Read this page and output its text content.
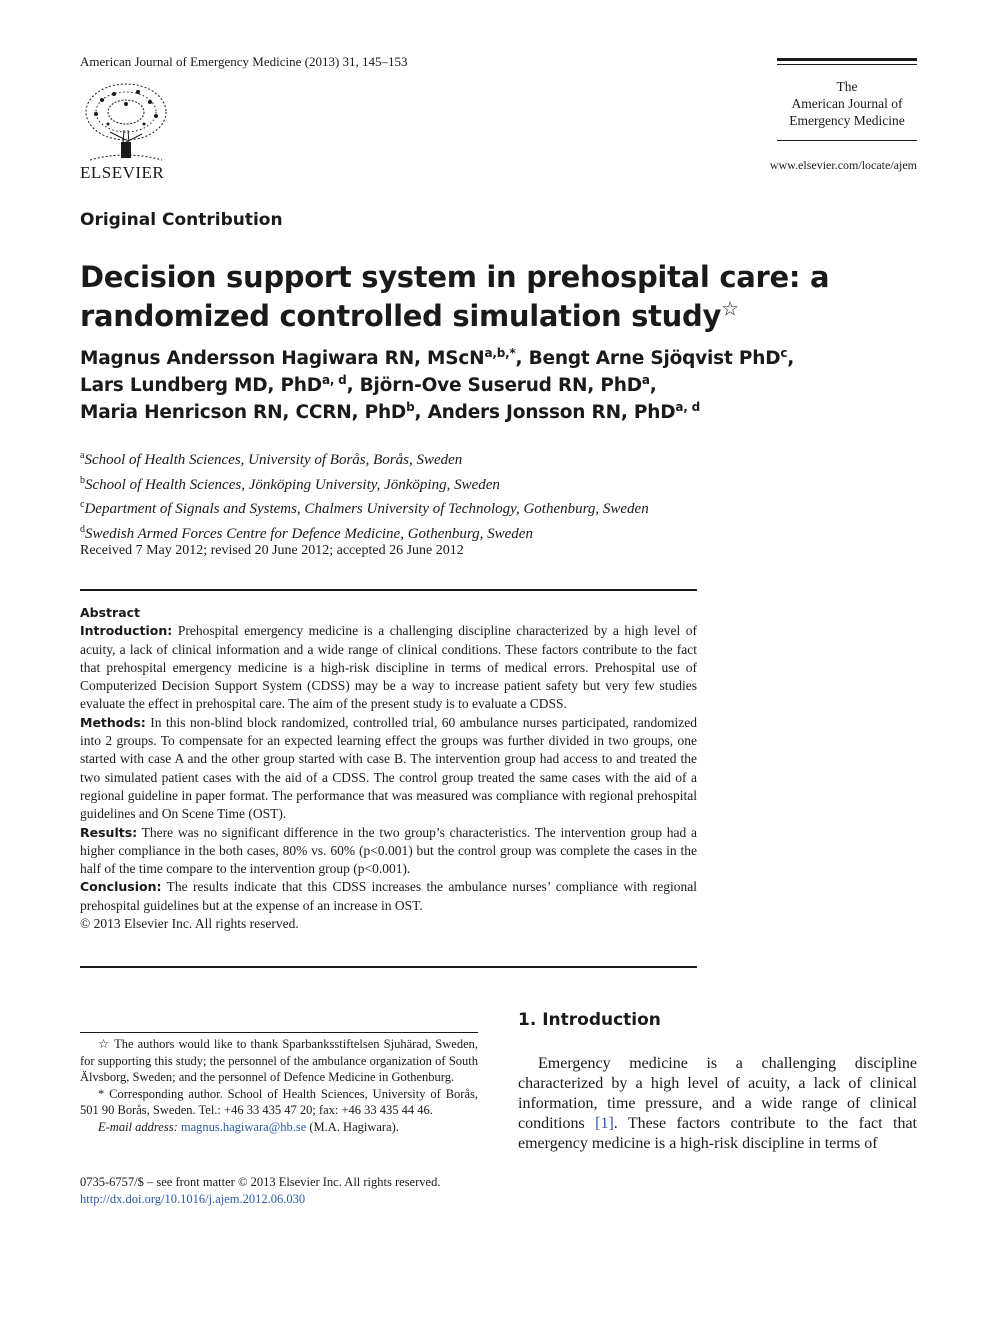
American Journal of Emergency Medicine (2013) 31, 145–153
ELSEVIER
The
American Journal of
Emergency Medicine
www.elsevier.com/locate/ajem
Original Contribution
Decision support system in prehospital care: a randomized controlled simulation study☆
Magnus Andersson Hagiwara RN, MScN$^{a,b,*}$, Bengt Arne Sjöqvist PhD$^c$,
Lars Lundberg MD, PhD$^{a, d}$, Björn-Ove Suserud RN, PhD$^a$,
Maria Henricson RN, CCRN, PhD$^b$, Anders Jonsson RN, PhD$^{a, d}$
$^a$School of Health Sciences, University of Borås, Borås, Sweden
$^b$School of Health Sciences, Jönköping University, Jönköping, Sweden
$^c$Department of Signals and Systems, Chalmers University of Technology, Gothenburg, Sweden
$^d$Swedish Armed Forces Centre for Defence Medicine, Gothenburg, Sweden
Received 7 May 2012; revised 20 June 2012; accepted 26 June 2012
Abstract
Introduction: Prehospital emergency medicine is a challenging discipline characterized by a high level of acuity, a lack of clinical information and a wide range of clinical conditions. These factors contribute to the fact that prehospital emergency medicine is a high-risk discipline in terms of medical errors. Prehospital use of Computerized Decision Support System (CDSS) may be a way to increase patient safety but very few studies evaluate the effect in prehospital care. The aim of the present study is to evaluate a CDSS.
Methods: In this non-blind block randomized, controlled trial, 60 ambulance nurses participated, randomized into 2 groups. To compensate for an expected learning effect the groups was further divided in two groups, one started with case A and the other group started with case B. The intervention group had access to and treated the two simulated patient cases with the aid of a CDSS. The control group treated the same cases with the aid of a regional guideline in paper format. The performance that was measured was compliance with regional prehospital guidelines and On Scene Time (OST).
Results: There was no significant difference in the two group’s characteristics. The intervention group had a higher compliance in the both cases, 80% vs. 60% (p<0.001) but the control group was complete the cases in the half of the time compare to the intervention group (p<0.001).
Conclusion: The results indicate that this CDSS increases the ambulance nurses’ compliance with regional prehospital guidelines but at the expense of an increase in OST.
© 2013 Elsevier Inc. All rights reserved.
1. Introduction
Emergency medicine is a challenging discipline characterized by a high level of acuity, a lack of clinical information, time pressure, and a wide range of clinical conditions [1]. These factors contribute to the fact that emergency medicine is a high-risk discipline in terms of

☆ The authors would like to thank Sparbanksstiftelsen Sjuhärad, Sweden, for supporting this study; the personnel of the ambulance organization of South Älvsborg, Sweden; and the personnel of Defence Medicine in Gothenburg.

* Corresponding author. School of Health Sciences, University of Borås, 501 90 Borås, Sweden. Tel.: +46 33 435 47 20; fax: +46 33 435 44 46.

E-mail address: magnus.hagiwara@hb.se (M.A. Hagiwara).

0735-6757/$ – see front matter © 2013 Elsevier Inc. All rights reserved.
http://dx.doi.org/10.1016/j.ajem.2012.06.030
